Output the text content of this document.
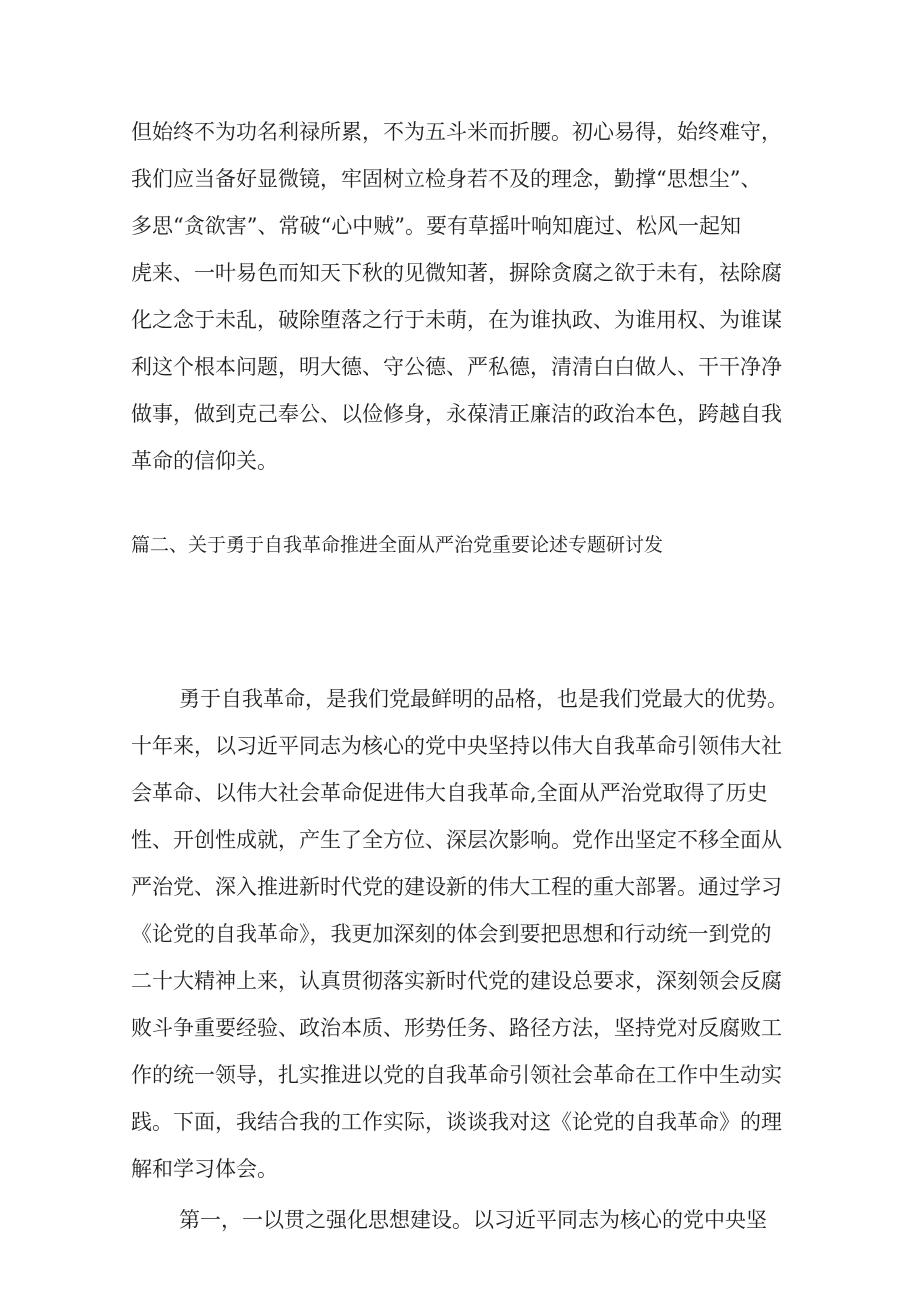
但始终不为功名利禄所累，不为五斗米而折腰。初心易得，始终难守，
我们应当备好显微镜，牢固树立检身若不及的理念，勤撑“思想尘”、
多思“贪欲害”、常破“心中贼”。要有草摇叶响知鹿过、松风一起知
虎来、一叶易色而知天下秋的见微知著，摒除贪腐之欲于未有，祛除腐
化之念于未乱，破除堕落之行于未萌，在为谁执政、为谁用权、为谁谋
利这个根本问题，明大德、守公德、严私德，清清白白做人、干干净净
做事，做到克己奉公、以俭修身，永葆清正廉洁的政治本色，跨越自我
革命的信仰关。
篇二、关于勇于自我革命推进全面从严治党重要论述专题研讨发
勇于自我革命，是我们党最鲜明的品格，也是我们党最大的优势。
十年来，以习近平同志为核心的党中央坚持以伟大自我革命引领伟大社
会革命、以伟大社会革命促进伟大自我革命,全面从严治党取得了历史
性、开创性成就，产生了全方位、深层次影响。党作出坚定不移全面从
严治党、深入推进新时代党的建设新的伟大工程的重大部署。通过学习
《论党的自我革命》，我更加深刻的体会到要把思想和行动统一到党的
二十大精神上来，认真贯彻落实新时代党的建设总要求，深刻领会反腐
败斗争重要经验、政治本质、形势任务、路径方法，坚持党对反腐败工
作的统一领导，扎实推进以党的自我革命引领社会革命在工作中生动实
践。下面，我结合我的工作实际，谈谈我对这《论党的自我革命》的理
解和学习体会。
第一，一以贯之强化思想建设。以习近平同志为核心的党中央坚
